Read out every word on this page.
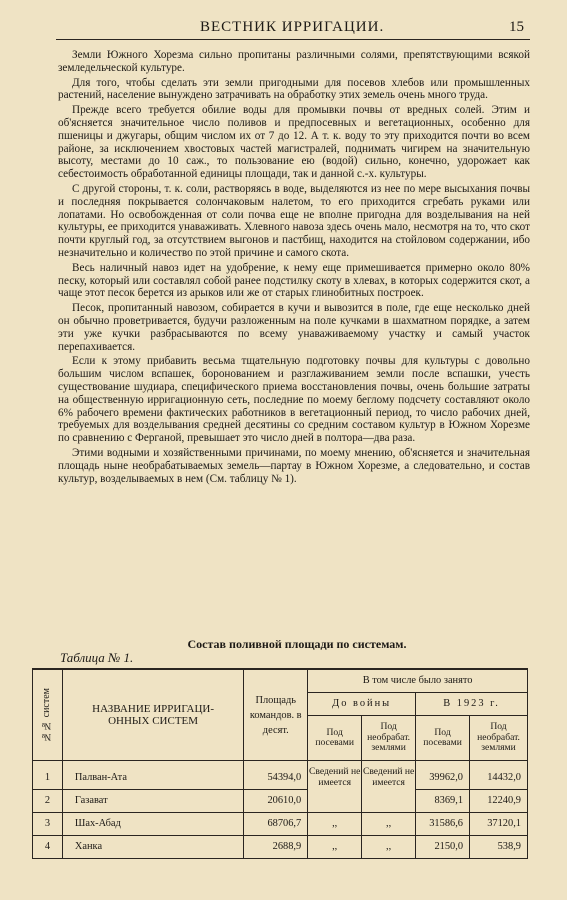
ВЕСТНИК ИРРИГАЦИИ.	15

Земли Южного Хорезма сильно пропитаны различными солями, препятствующими всякой земледельческой культуре.

Для того, чтобы сделать эти земли пригодными для посевов хлебов или промышленных растений, население вынуждено затрачивать на обработку этих земель очень много труда.

Прежде всего требуется обилие воды для промывки почвы от вредных солей. Этим и об'ясняется значительное число поливов и предпосевных и вегетационных, особенно для пшеницы и джугары, общим числом их от 7 до 12. А т. к. воду то эту приходится почти во всем районе, за исключением хвостовых частей магистралей, поднимать чигирем на значительную высоту, местами до 10 саж., то пользование ею (водой) сильно, конечно, удорожает как себестоимость обработанной единицы площади, так и данной с.-х. культуры.

С другой стороны, т. к. соли, растворяясь в воде, выделяются из нее по мере высыхания почвы и последняя покрывается солончаковым налетом, то его приходится сгребать руками или лопатами. Но освобожденная от соли почва еще не вполне пригодна для возделывания на ней культуры, ее приходится унаваживать. Хлевного навоза здесь очень мало, несмотря на то, что скот почти круглый год, за отсутствием выгонов и пастбищ, находится на стойловом содержании, ибо незначительно и количество по этой причине и самого скота.

Весь наличный навоз идет на удобрение, к нему еще примешивается примерно около 80% песку, который или составлял собой ранее подстилку скоту в хлевах, в которых содержится скот, а чаще этот песок берется из арыков или же от старых глинобитных построек.

Песок, пропитанный навозом, собирается в кучи и вывозится в поле, где еще несколько дней он обычно проветривается, будучи разложенным на поле кучками в шахматном порядке, а затем эти уже кучки разбрасываются по всему унаваживаемому участку и самый участок перепахивается.

Если к этому прибавить весьма тщательную подготовку почвы для культуры с довольно большим числом вспашек, боронованием и разглаживанием земли после вспашки, учесть существование шудиара, специфического приема восстановления почвы, очень большие затраты на общественную ирригационную сеть, последние по моему беглому подсчету составляют около 6% рабочего времени фактических работников в вегетационный период, то число рабочих дней, требуемых для возделывания средней десятины со средним составом культур в Южном Хорезме по сравнению с Ферганой, превышает это число дней в полтора—два раза.

Этими водными и хозяйственными причинами, по моему мнению, об'ясняется и значительная площадь ныне необрабатываемых земель—партау в Южном Хорезме, а следовательно, и состав культур, возделываемых в нем (См. таблицу № 1).

Состав поливной площади по системам.
Таблица № 1.
№№ систем	НАЗВАНИЕ ИРРИГАЦИ-ОННЫХ СИСТЕМ	Площадь командов. в десят.	В том числе было занято			
			До войны		В 1923 г.	
			Под посевами	Под необрабат. землями	Под посевами	Под необрабат. землями
1	Палван-Ата	54394,0	Сведений не имеется	Сведений не имеется	39962,0	14432,0
2	Газават	20610,0			8369,1	12240,9
3	Шах-Абад	68706,7	,,	,,	31586,6	37120,1
4	Ханка	2688,9	,,	,,	2150,0	538,9
